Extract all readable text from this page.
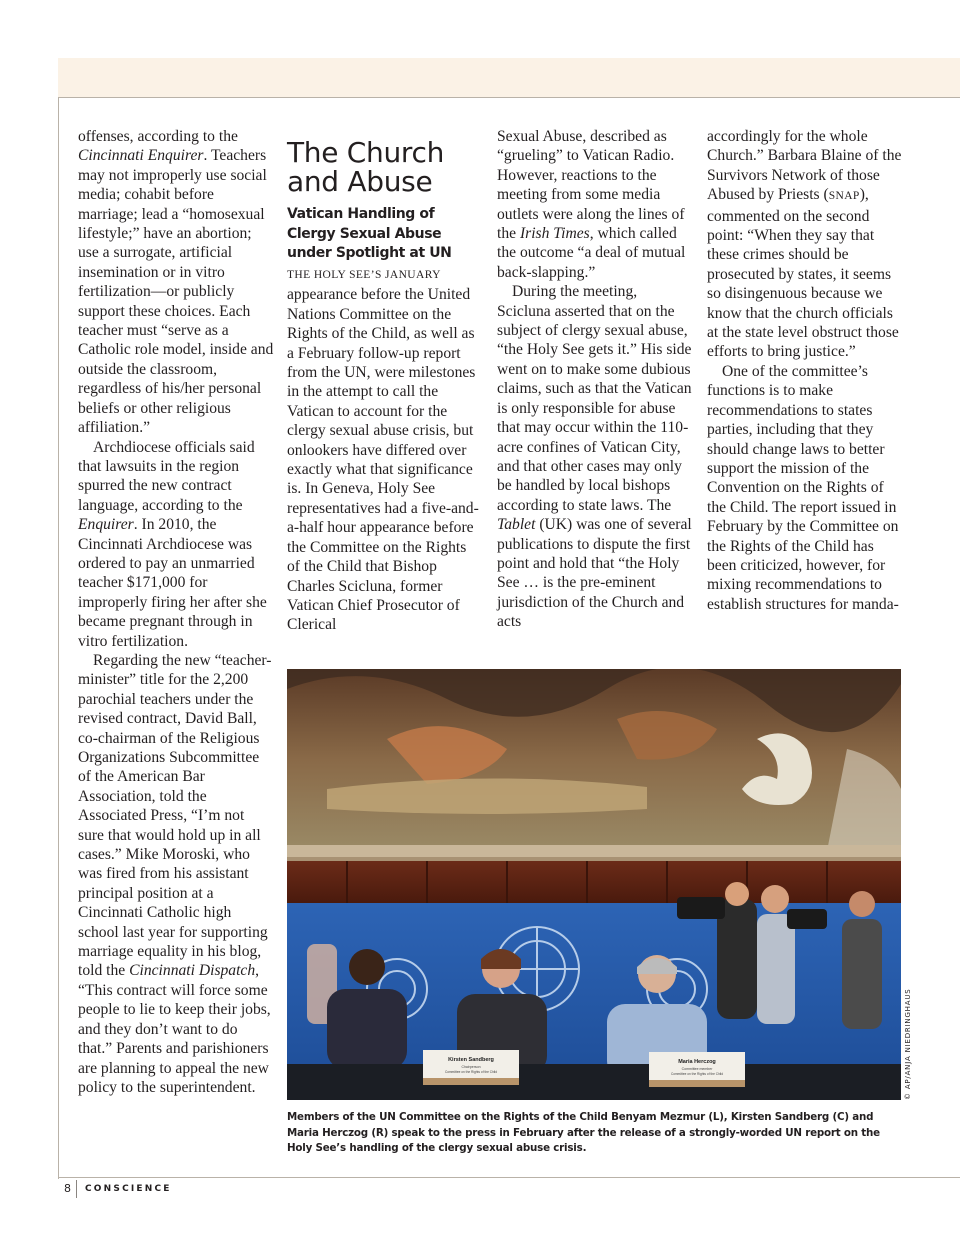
offenses, according to the Cincinnati Enquirer. Teachers may not improperly use social media; cohabit before marriage; lead a “homosexual lifestyle;” have an abortion; use a surrogate, artificial insemination or in vitro fertilization—or publicly support these choices. Each teacher must “serve as a Catholic role model, inside and outside the classroom, regardless of his/her personal beliefs or other religious affiliation.”

Archdiocese officials said that lawsuits in the region spurred the new contract language, according to the Enquirer. In 2010, the Cincinnati Archdiocese was ordered to pay an unmarried teacher $171,000 for improperly firing her after she became pregnant through in vitro fertilization.

Regarding the new “teacher-minister” title for the 2,200 parochial teachers under the revised contract, David Ball, co-chairman of the Religious Organizations Subcommittee of the American Bar Association, told the Associated Press, “I’m not sure that would hold up in all cases.” Mike Moroski, who was fired from his assistant principal position at a Cincinnati Catholic high school last year for supporting marriage equality in his blog, told the Cincinnati Dispatch, “This contract will force some people to lie to keep their jobs, and they don’t want to do that.” Parents and parishioners are planning to appeal the new policy to the superintendent.

The Church and Abuse

Vatican Handling of Clergy Sexual Abuse under Spotlight at UN

THE HOLY SEE’S JANUARY appearance before the United Nations Committee on the Rights of the Child, as well as a February follow-up report from the UN, were milestones in the attempt to call the Vatican to account for the clergy sexual abuse crisis, but onlookers have differed over exactly what that significance is. In Geneva, Holy See representatives had a five-and-a-half hour appearance before the Committee on the Rights of the Child that Bishop Charles Scicluna, former Vatican Chief Prosecutor of Clerical

Sexual Abuse, described as “grueling” to Vatican Radio. However, reactions to the meeting from some media outlets were along the lines of the Irish Times, which called the outcome “a deal of mutual back-slapping.”

During the meeting, Scicluna asserted that on the subject of clergy sexual abuse, “the Holy See gets it.” His side went on to make some dubious claims, such as that the Vatican is only responsible for abuse that may occur within the 110-acre confines of Vatican City, and that other cases may only be handled by local bishops according to state laws. The Tablet (UK) was one of several publications to dispute the first point and hold that “the Holy See … is the pre-eminent jurisdiction of the Church and acts

accordingly for the whole Church.” Barbara Blaine of the Survivors Network of those Abused by Priests (SNAP), commented on the second point: “When they say that these crimes should be prosecuted by states, it seems so disingenuous because we know that the church officials at the state level obstruct those efforts to bring justice.”

One of the committee’s functions is to make recommendations to states parties, including that they should change laws to better support the mission of the Convention on the Rights of the Child. The report issued in February by the Committee on the Rights of the Child has been criticized, however, for mixing recommendations to establish structures for manda-

Kirsten Sandberg
Chairperson
Committee on the Rights of the Child
Maria Herczog
Committee member
Committee on the Rights of the Child	© AP/ANJA NIEDRINGHAUS

Members of the UN Committee on the Rights of the Child Benyam Mezmur (L), Kirsten Sandberg (C) and Maria Herczog (R) speak to the press in February after the release of a strongly-worded UN report on the Holy See’s handling of the clergy sexual abuse crisis.

8 CONSCIENCE
